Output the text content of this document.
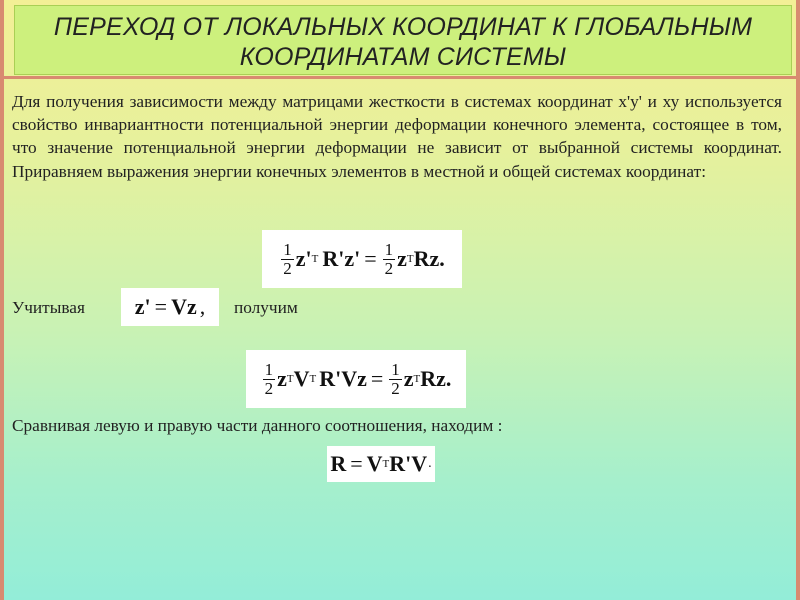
ПЕРЕХОД ОТ ЛОКАЛЬНЫХ КООРДИНАТ К ГЛОБАЛЬНЫМ
КООРДИНАТАМ СИСТЕМЫ

Для получения зависимости между матрицами жесткости в системах координат х'у' и ху используется свойство инвариантности потенциальной энергии деформации конечного элемента, состоящее в том, что значение потенциальной энергии деформации не зависит от выбранной системы координат. Приравняем выражения энергии конечных элементов в местной и общей системах координат:

$\frac{1}{2} z'$ T $R'z' = \frac{1}{2}$ z T Rz.
Учитывая z' = Vz , получим
$\frac{1}{2}$ z T V T $R'Vz = \frac{1}{2}$ z T Rz.
Сравнивая левую и правую части данного соотношения, находим :
R = V T R'V .
